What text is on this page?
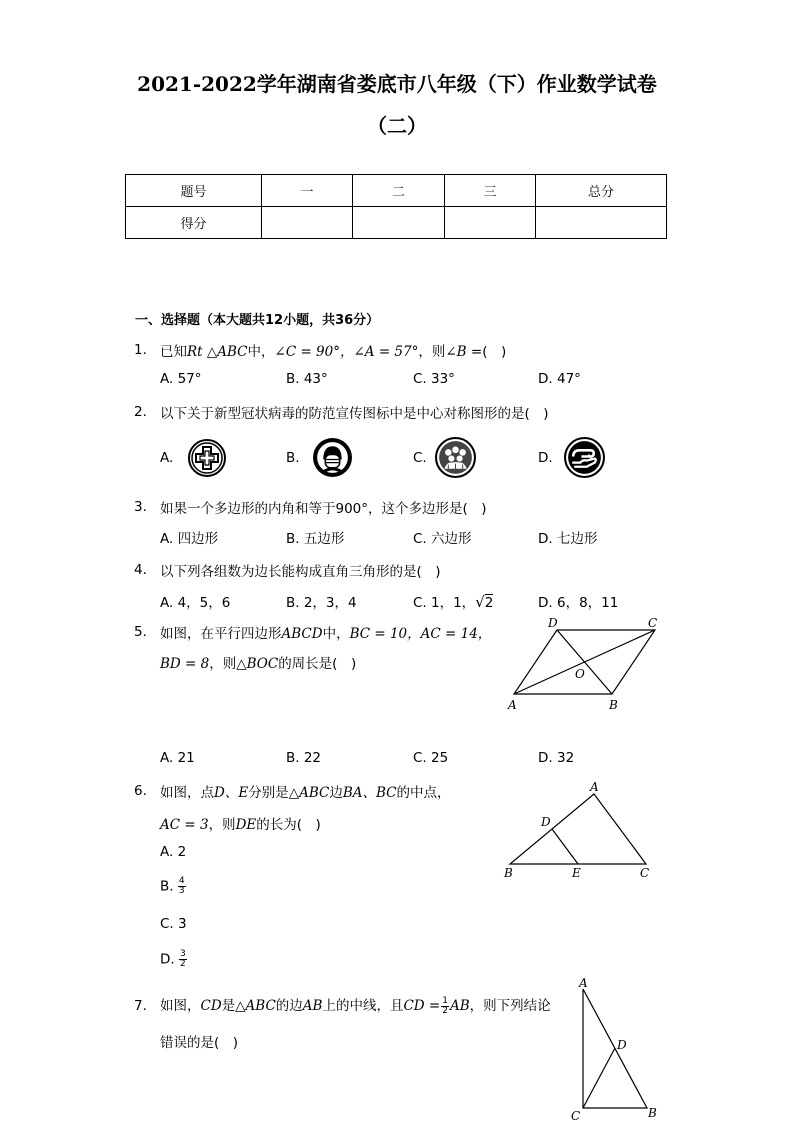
2021-2022学年湖南省娄底市八年级（下）作业数学试卷
（二）
题号	一	二	三	总分
得分				
一、选择题（本大题共12小题，共36分）
1. 已知Rt △ABC中，∠C = 90°，∠A = 57°，则∠B =(　)
A. 57°	B. 43°	C. 33°	D. 47°
2. 以下关于新型冠状病毒的防范宣传图标中是中心对称图形的是(　)
A.	B.	C.	D.
3. 如果一个多边形的内角和等于900°，这个多边形是(　)
A. 四边形	B. 五边形	C. 六边形	D. 七边形
4. 以下列各组数为边长能构成直角三角形的是(　)
A. 4，5，6	B. 2，3，4	C. 1，1，√2	D. 6，8，11
5. 如图，在平行四边形ABCD中，BC = 10，AC = 14，
BD = 8，则△BOC的周长是(　)
D	C
O
A	B
A. 21	B. 22	C. 25	D. 32
6. 如图，点D、E分别是△ABC边BA、BC的中点，
AC = 3，则DE的长为(　)
A
D
B	E	C
A. 2
B. $\frac{4}{3}$
C. 3
D. $\frac{3}{2}$
7. 如图，CD是△ABC的边AB上的中线，且CD = $\frac{1}{2}$ AB，则下列结论
错误的是(　)
A
D
C	B
